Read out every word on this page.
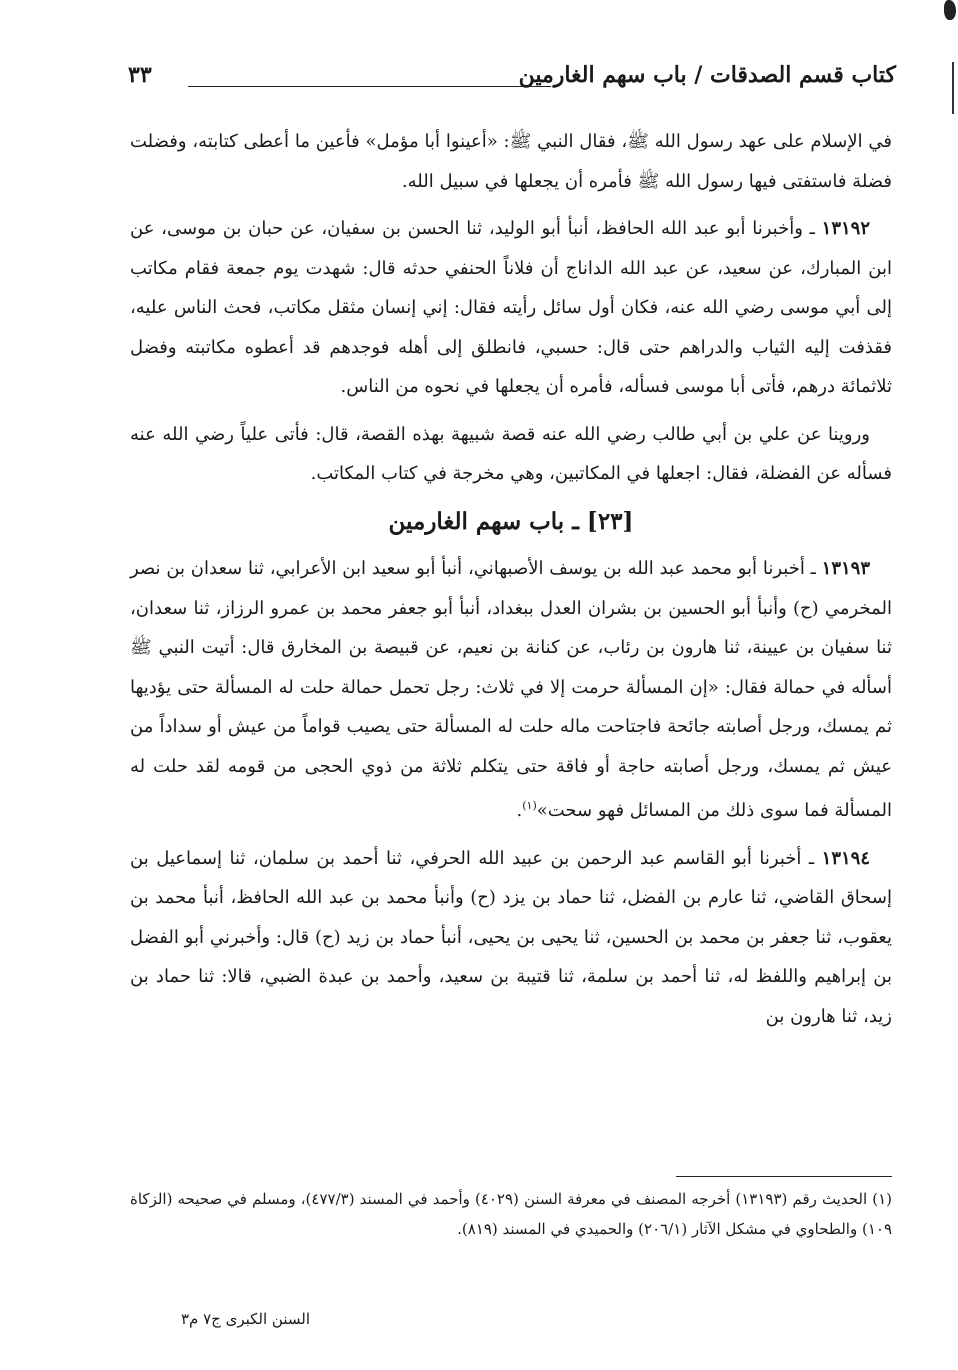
كتاب قسم الصدقات / باب سهم الغارمين
٣٣

في الإسلام على عهد رسول الله ﷺ، فقال النبي ﷺ: «أعينوا أبا مؤمل» فأعين ما أعطى كتابته، وفضلت فضلة فاستفتى فيها رسول الله ﷺ فأمره أن يجعلها في سبيل الله.

١٣١٩٢ ـ وأخبرنا أبو عبد الله الحافظ، أنبأ أبو الوليد، ثنا الحسن بن سفيان، عن حبان بن موسى، عن ابن المبارك، عن سعيد، عن عبد الله الداناج أن فلاناً الحنفي حدثه قال: شهدت يوم جمعة فقام مكاتب إلى أبي موسى رضي الله عنه، فكان أول سائل رأيته فقال: إني إنسان مثقل مكاتب، فحث الناس عليه، فقذفت إليه الثياب والدراهم حتى قال: حسبي، فانطلق إلى أهله فوجدهم قد أعطوه مكاتبته وفضل ثلاثمائة درهم، فأتى أبا موسى فسأله، فأمره أن يجعلها في نحوه من الناس.

وروينا عن علي بن أبي طالب رضي الله عنه قصة شبيهة بهذه القصة، قال: فأتى علياً رضي الله عنه فسأله عن الفضلة، فقال: اجعلها في المكاتبين، وهي مخرجة في كتاب المكاتب.

[٢٣] ـ باب سهم الغارمين

١٣١٩٣ ـ أخبرنا أبو محمد عبد الله بن يوسف الأصبهاني، أنبأ أبو سعيد ابن الأعرابي، ثنا سعدان بن نصر المخرمي (ح) وأنبأ أبو الحسين بن بشران العدل ببغداد، أنبأ أبو جعفر محمد بن عمرو الرزاز، ثنا سعدان، ثنا سفيان بن عيينة، ثنا هارون بن رئاب، عن كنانة بن نعيم، عن قبيصة بن المخارق قال: أتيت النبي ﷺ أسأله في حمالة فقال: «إن المسألة حرمت إلا في ثلاث: رجل تحمل حمالة حلت له المسألة حتى يؤديها ثم يمسك، ورجل أصابته جائحة فاجتاحت ماله حلت له المسألة حتى يصيب قواماً من عيش أو سداداً من عيش ثم يمسك، ورجل أصابته حاجة أو فاقة حتى يتكلم ثلاثة من ذوي الحجى من قومه لقد حلت له المسألة فما سوى ذلك من المسائل فهو سحت»$^{(١)}$.

١٣١٩٤ ـ أخبرنا أبو القاسم عبد الرحمن بن عبيد الله الحرفي، ثنا أحمد بن سلمان، ثنا إسماعيل بن إسحاق القاضي، ثنا عارم بن الفضل، ثنا حماد بن يزد (ح) وأنبأ محمد بن عبد الله الحافظ، أنبأ محمد بن يعقوب، ثنا جعفر بن محمد بن الحسين، ثنا يحيى بن يحيى، أنبأ حماد بن زيد (ح) قال: وأخبرني أبو الفضل بن إبراهيم واللفظ له، ثنا أحمد بن سلمة، ثنا قتيبة بن سعيد، وأحمد بن عبدة الضبي، قالا: ثنا حماد بن زيد، ثنا هارون بن

(١) الحديث رقم (١٣١٩٣) أخرجه المصنف في معرفة السنن (٤٠٢٩) وأحمد في المسند (٤٧٧/٣)، ومسلم في صحيحه (الزكاة ١٠٩) والطحاوي في مشكل الآثار (٢٠٦/١) والحميدي في المسند (٨١٩).

السنن الكبرى ج٧ م٣
